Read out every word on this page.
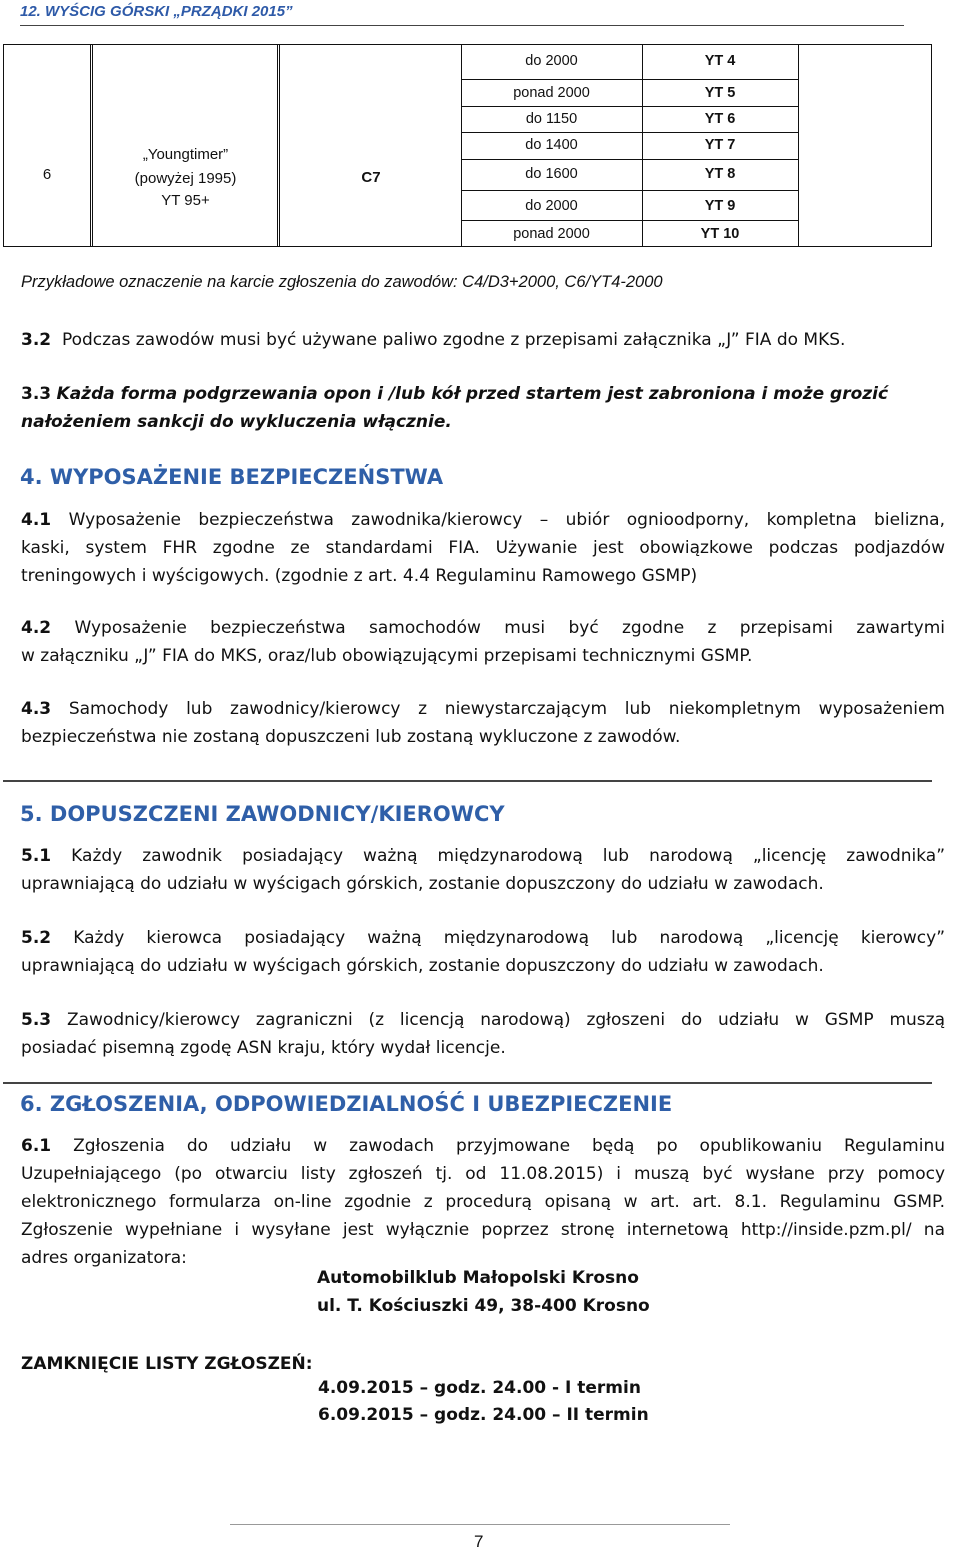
12. WYŚCIG GÓRSKI „PRZĄDKI 2015”
6
„Youngtimer”
(powyżej 1995)
YT 95+
C7
do 2000	YT 4
ponad 2000	YT 5
do 1150	YT 6
do 1400	YT 7
do 1600	YT 8
do 2000	YT 9
ponad 2000	YT 10
Przykładowe oznaczenie na karcie zgłoszenia do zawodów: C4/D3+2000, C6/YT4-2000
3.2 Podczas zawodów musi być używane paliwo zgodne z przepisami załącznika „J” FIA do MKS.
3.3 Każda forma podgrzewania opon i /lub kół przed startem jest zabroniona i może grozić
nałożeniem sankcji do wykluczenia włącznie.
4. WYPOSAŻENIE BEZPIECZEŃSTWA
4.1 Wyposażenie bezpieczeństwa zawodnika/kierowcy – ubiór ognioodporny, kompletna bielizna,
kaski, system FHR zgodne ze standardami FIA. Używanie jest obowiązkowe podczas podjazdów
treningowych i wyścigowych. (zgodnie z art. 4.4 Regulaminu Ramowego GSMP)
4.2 Wyposażenie bezpieczeństwa samochodów musi być zgodne z przepisami zawartymi
w załączniku „J” FIA do MKS, oraz/lub obowiązującymi przepisami technicznymi GSMP.
4.3 Samochody lub zawodnicy/kierowcy z niewystarczającym lub niekompletnym wyposażeniem
bezpieczeństwa nie zostaną dopuszczeni lub zostaną wykluczone z zawodów.
5. DOPUSZCZENI ZAWODNICY/KIEROWCY
5.1 Każdy zawodnik posiadający ważną międzynarodową lub narodową „licencję zawodnika”
uprawniającą do udziału w wyścigach górskich, zostanie dopuszczony do udziału w zawodach.
5.2 Każdy kierowca posiadający ważną międzynarodową lub narodową „licencję kierowcy”
uprawniającą do udziału w wyścigach górskich, zostanie dopuszczony do udziału w zawodach.
5.3 Zawodnicy/kierowcy zagraniczni (z licencją narodową) zgłoszeni do udziału w GSMP muszą
posiadać pisemną zgodę ASN kraju, który wydał licencje.
6. ZGŁOSZENIA, ODPOWIEDZIALNOŚĆ I UBEZPIECZENIE
6.1 Zgłoszenia do udziału w zawodach przyjmowane będą po opublikowaniu Regulaminu
Uzupełniającego (po otwarciu listy zgłoszeń tj. od 11.08.2015) i muszą być wysłane przy pomocy
elektronicznego formularza on-line zgodnie z procedurą opisaną w art. art. 8.1. Regulaminu GSMP.
Zgłoszenie wypełniane i wysyłane jest wyłącznie poprzez stronę internetową http://inside.pzm.pl/ na
adres organizatora:
Automobilklub Małopolski Krosno
ul. T. Kościuszki 49, 38-400 Krosno
ZAMKNIĘCIE LISTY ZGŁOSZEŃ:
4.09.2015 – godz. 24.00 - I termin
6.09.2015 – godz. 24.00 – II termin
7
